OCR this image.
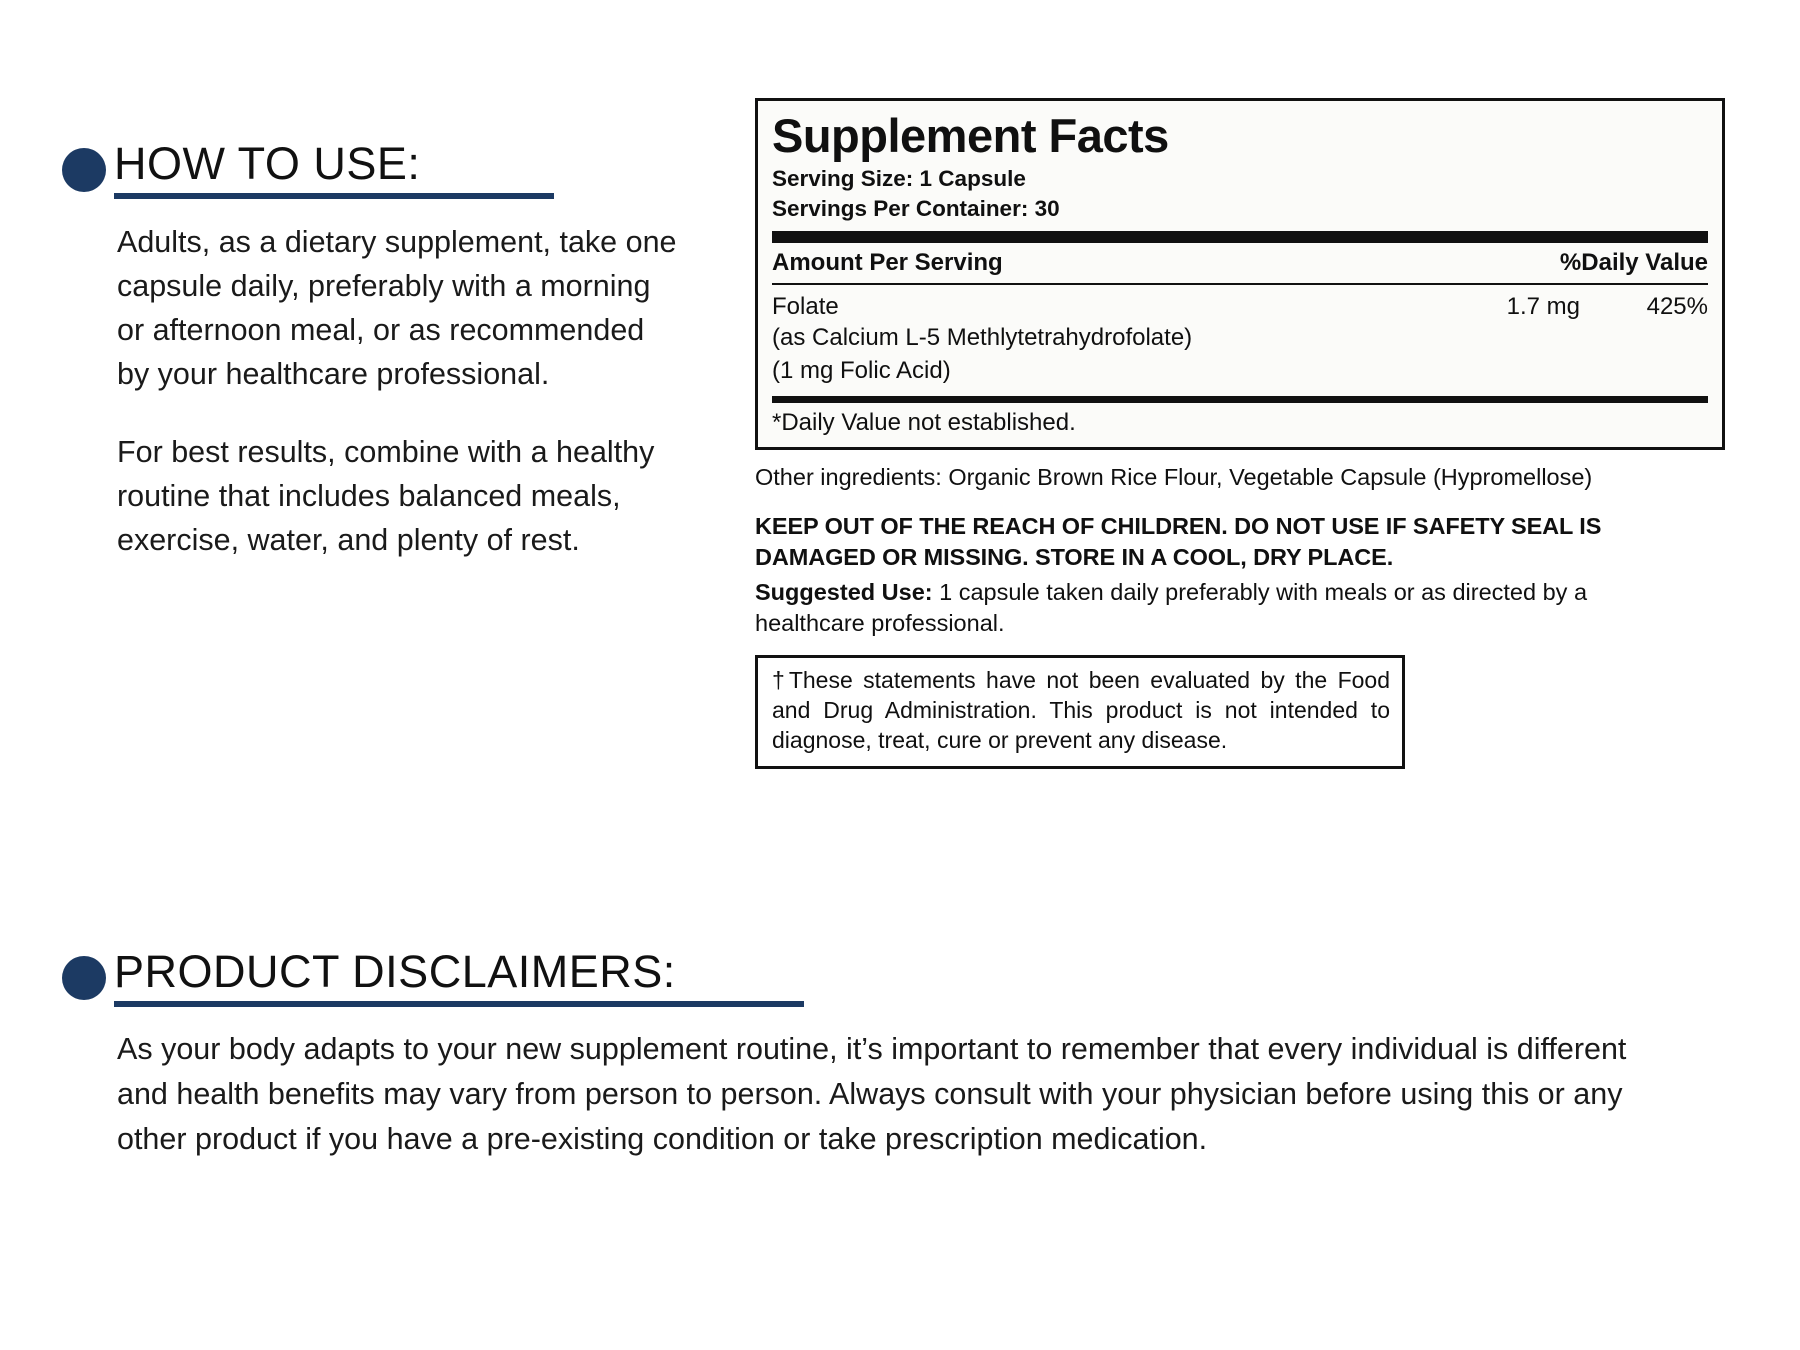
HOW TO USE:

Adults, as a dietary supplement, take one capsule daily, preferably with a morning or afternoon meal, or as recommended by your healthcare professional.

For best results, combine with a healthy routine that includes balanced meals, exercise, water, and plenty of rest.

Supplement Facts
Serving Size: 1 Capsule
Servings Per Container: 30
Amount Per Serving	%Daily Value
Folate	1.7 mg	425%
(as Calcium L-5 Methlytetrahydrofolate)
(1 mg Folic Acid)
*Daily Value not established.
Other ingredients: Organic Brown Rice Flour, Vegetable Capsule (Hypromellose)
KEEP OUT OF THE REACH OF CHILDREN. DO NOT USE IF SAFETY SEAL IS DAMAGED OR MISSING. STORE IN A COOL, DRY PLACE.
Suggested Use: 1 capsule taken daily preferably with meals or as directed by a healthcare professional.
†These statements have not been evaluated by the Food and Drug Administration. This product is not intended to diagnose, treat, cure or prevent any disease.
PRODUCT DISCLAIMERS:

As your body adapts to your new supplement routine, it’s important to remember that every individual is different and health benefits may vary from person to person. Always consult with your physician before using this or any other product if you have a pre-existing condition or take prescription medication.
